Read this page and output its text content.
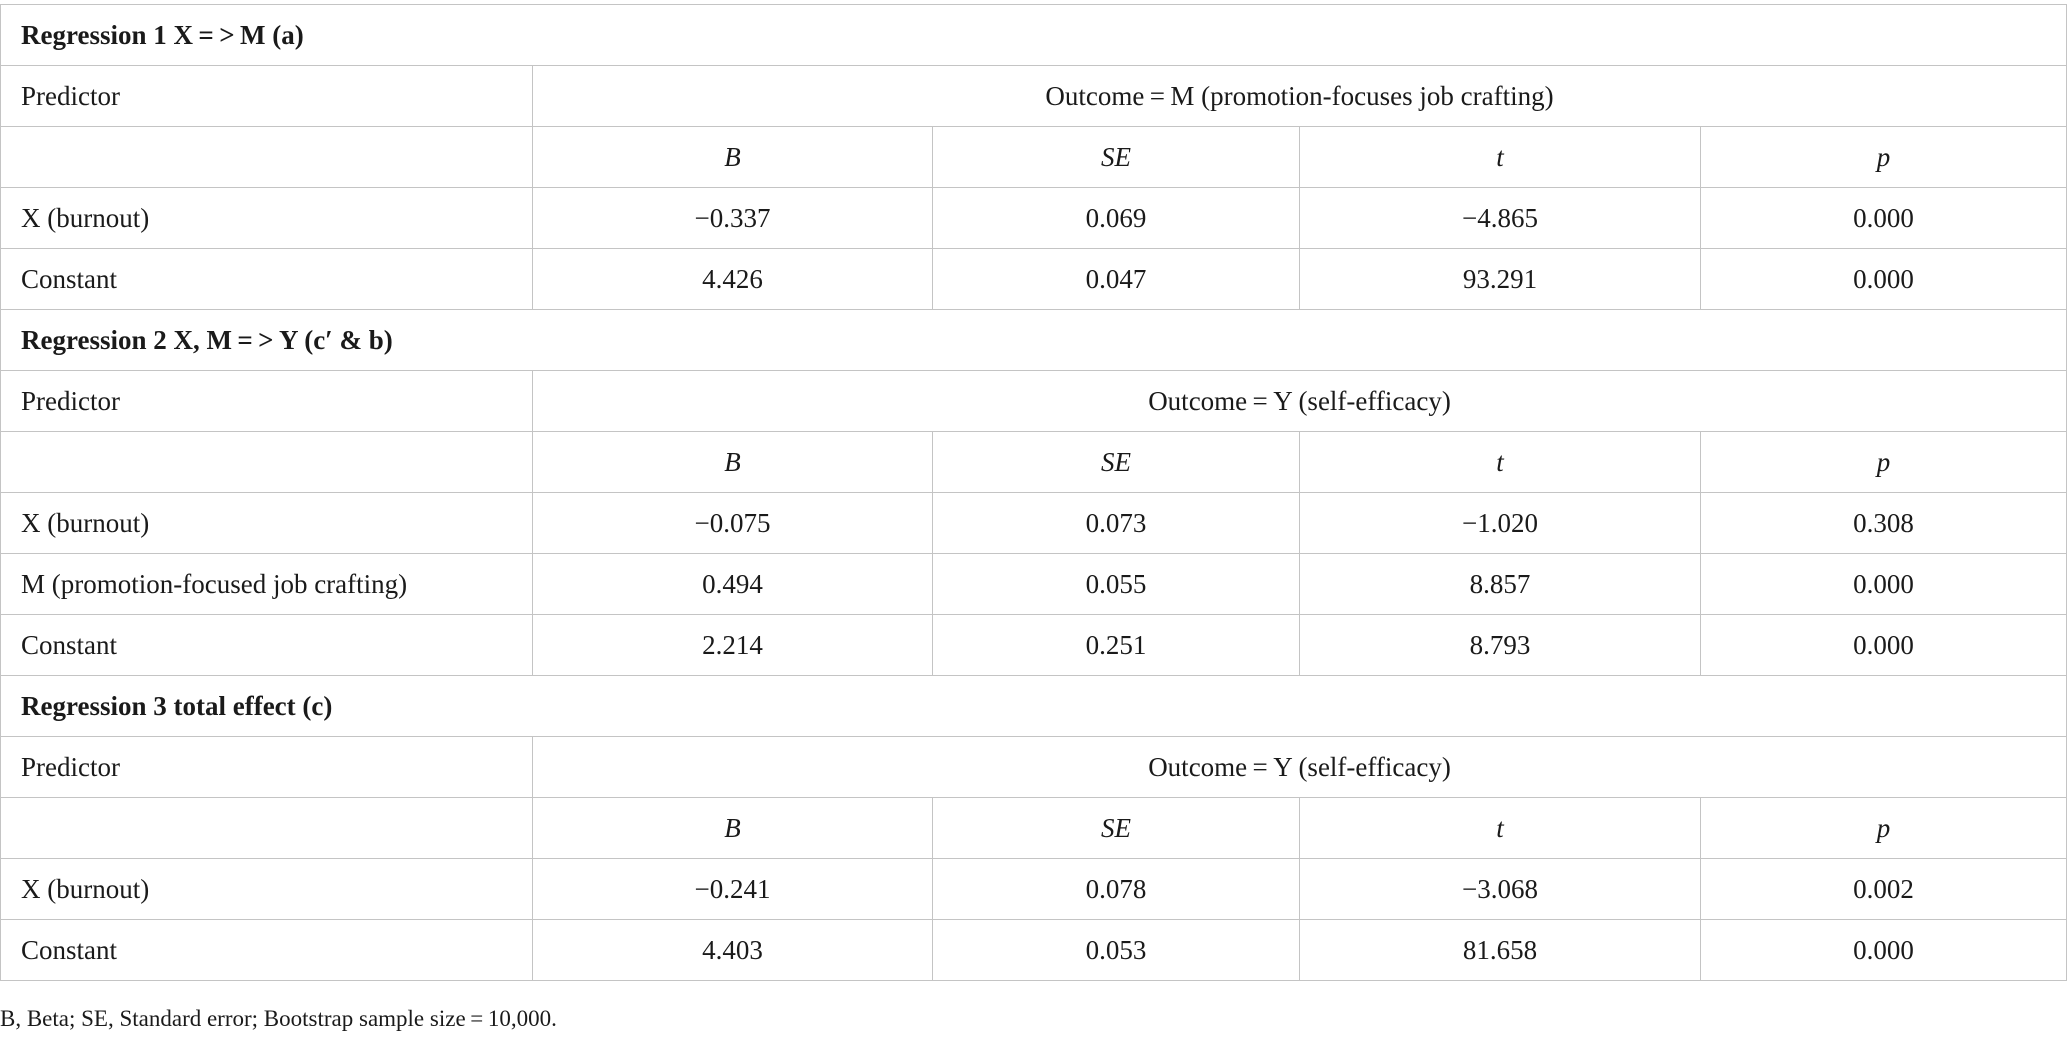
Regression 1 X = > M (a)				
Predictor	Outcome = M (promotion-focuses job crafting)			
	B	SE	t	p
X (burnout)	−0.337	0.069	−4.865	0.000
Constant	4.426	0.047	93.291	0.000
Regression 2 X, M = > Y (c′ & b)				
Predictor	Outcome = Y (self-efficacy)			
	B	SE	t	p
X (burnout)	−0.075	0.073	−1.020	0.308
M (promotion-focused job crafting)	0.494	0.055	8.857	0.000
Constant	2.214	0.251	8.793	0.000
Regression 3 total effect (c)				
Predictor	Outcome = Y (self-efficacy)			
	B	SE	t	p
X (burnout)	−0.241	0.078	−3.068	0.002
Constant	4.403	0.053	81.658	0.000
B, Beta; SE, Standard error; Bootstrap sample size = 10,000.
